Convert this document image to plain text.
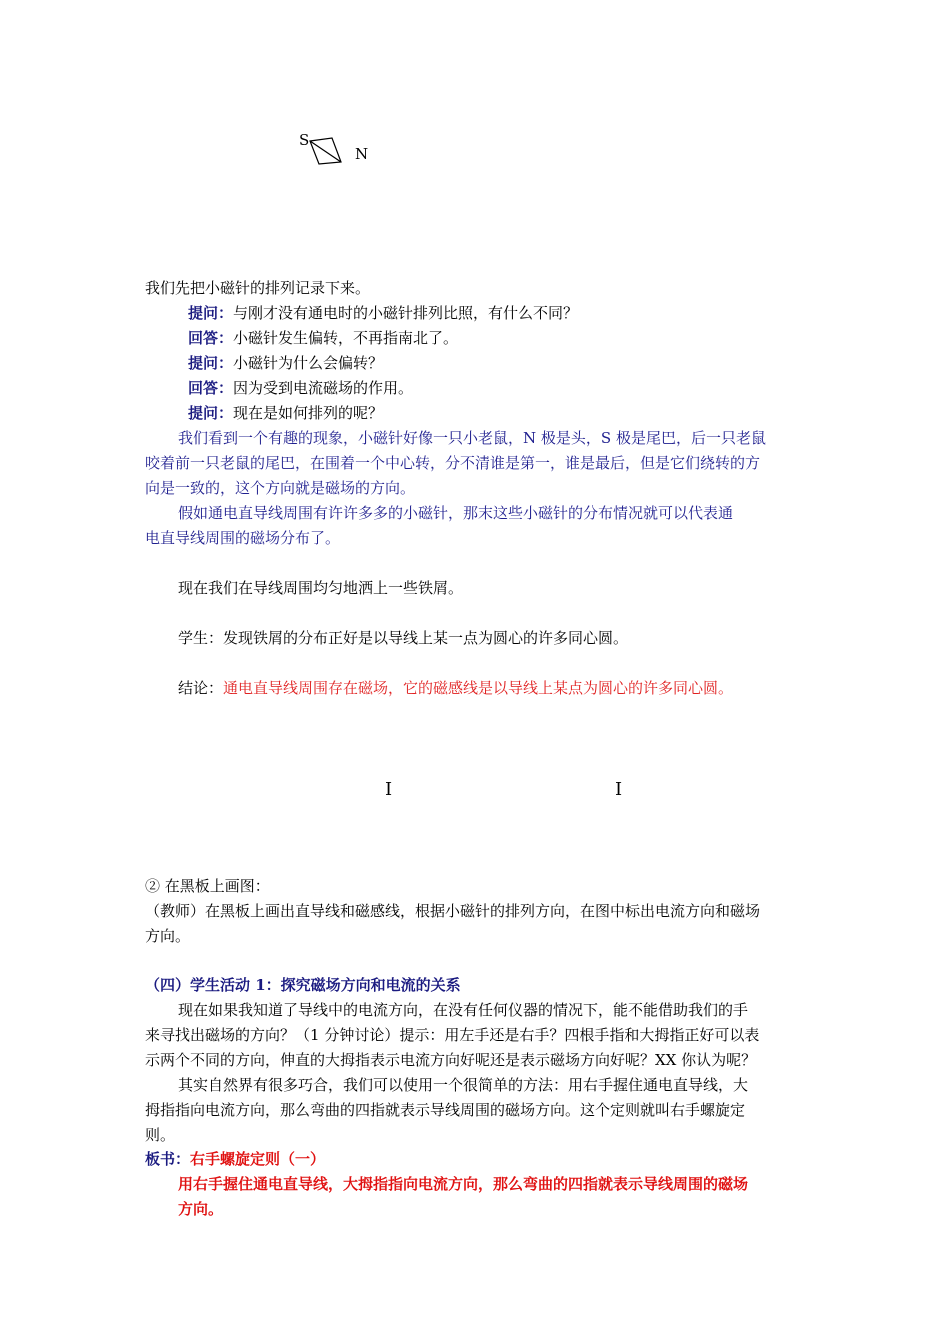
S
N
我们先把小磁针的排列记录下来。
提问：与刚才没有通电时的小磁针排列比照，有什么不同？
回答：小磁针发生偏转，不再指南北了。
提问：小磁针为什么会偏转？
回答：因为受到电流磁场的作用。
提问：现在是如何排列的呢？
我们看到一个有趣的现象，小磁针好像一只小老鼠，N 极是头，S 极是尾巴，后一只老鼠
咬着前一只老鼠的尾巴，在围着一个中心转，分不清谁是第一，谁是最后，但是它们绕转的方
向是一致的，这个方向就是磁场的方向。
假如通电直导线周围有许许多多的小磁针，那末这些小磁针的分布情况就可以代表通
电直导线周围的磁场分布了。
现在我们在导线周围均匀地洒上一些铁屑。
学生：发现铁屑的分布正好是以导线上某一点为圆心的许多同心圆。
结论：通电直导线周围存在磁场，它的磁感线是以导线上某点为圆心的许多同心圆。
I	I
② 在黑板上画图：
（教师）在黑板上画出直导线和磁感线，根据小磁针的排列方向，在图中标出电流方向和磁场
方向。
（四）学生活动 1：探究磁场方向和电流的关系
现在如果我知道了导线中的电流方向，在没有任何仪器的情况下，能不能借助我们的手
来寻找出磁场的方向？（1 分钟讨论）提示：用左手还是右手？四根手指和大拇指正好可以表
示两个不同的方向，伸直的大拇指表示电流方向好呢还是表示磁场方向好呢？XX 你认为呢？
其实自然界有很多巧合，我们可以使用一个很简单的方法：用右手握住通电直导线，大
拇指指向电流方向，那么弯曲的四指就表示导线周围的磁场方向。这个定则就叫右手螺旋定
则。
板书：右手螺旋定则（一）
用右手握住通电直导线，大拇指指向电流方向，那么弯曲的四指就表示导线周围的磁场
方向。
